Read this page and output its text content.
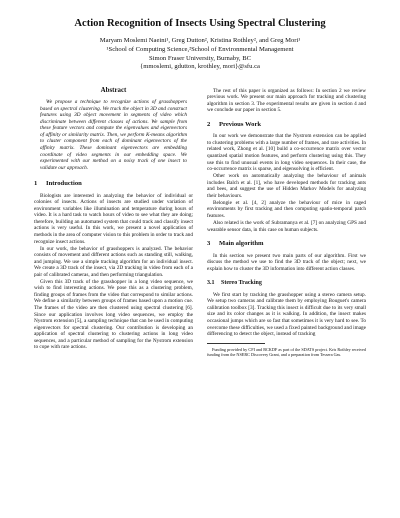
Action Recognition of Insects Using Spectral Clustering
Maryam Moslemi Naeini¹, Greg Dutton², Kristina Rothley², and Greg Mori¹
¹School of Computing Science,²School of Environmental Management
Simon Fraser University, Burnaby, BC
{mmoslemi, gdutton, krothley, mori}@sfu.ca
Abstract

We propose a technique to recognize actions of grasshoppers based on spectral clustering. We track the object in 3D and construct features using 3D object movement in segments of video which discriminate between different classes of actions. We sample from these feature vectors and compute the eigenvalues and eigenvectors of affinity or similarity matrix. Then, we perform K-means algorithm to cluster component from each of dominant eigenvectors of the affinity matrix. These dominant eigenvectors are embedding coordinate of video segments in our embedding space. We experimented with our method on a noisy track of one insect to validate our approach.

1 Introduction

Biologists are interested in analyzing the behavior of individual or colonies of insects. Actions of insects are studied under variation of environment variables like illumination and temperature during hours of video. It is a hard task to watch hours of video to see what they are doing; therefore, building an automated system that could track and classify insect actions is very useful. In this work, we present a novel application of methods in the area of computer vision to this problem in order to track and recognize insect actions.

In our work, the behavior of grasshoppers is analyzed. The behavior consists of movement and different actions such as standing still, walking, and jumping. We use a simple tracking algorithm for an individual insect. We create a 3D track of the insect, via 2D tracking in video from each of a pair of calibrated cameras, and then performing triangulation.

Given this 3D track of the grasshopper in a long video sequence, we wish to find interesting actions. We pose this as a clustering problem, finding groups of frames from the video that correspond to similar actions. We define a similarity between groups of frames based upon a motion cue. The frames of the video are then clustered using spectral clustering [6]. Since our application involves long video sequences, we employ the Nystrom extension [5], a sampling technique that can be used in computing eigenvectors for spectral clustering. Our contribution is developing an application of spectral clustering to clustering actions in long video sequences, and a particular method of sampling for the Nystrom extension to cope with rare actions.

The rest of this paper is organized as follows: In section 2 we review previous work. We present our main approach for tracking and clustering algorithm in section 3. The experimental results are given in section 4 and we conclude our paper in section 5.

2 Previous Work

In our work we demonstrate that the Nystrom extension can be applied to clustering problems with a large number of frames, and rare activities. In related work, Zhong et al. [10] build a co-occurrence matrix over vector quantized spatial motion features, and perform clustering using this. They use this to find unusual events in long video sequences. In their case, the co-occurrence matrix is sparse, and eigensolving is efficient.

Other work on automatically analyzing the behaviour of animals includes Balch et al. [1], who have developed methods for tracking ants and bees, and suggest the use of Hidden Markov Models for analyzing their behaviours.

Belongie et al. [4, 2] analyze the behaviour of mice in caged environments by first tracking and then computing spatio-temporal patch features.

Also related is the work of Subramanya et al. [7] on analyzing GPS and wearable sensor data, in this case on human subjects.

3 Main algorithm

In this section we present two main parts of our algorithm. First we discuss the method we use to find the 3D track of the object; next, we explain how to cluster the 3D information into different action classes.

3.1 Stereo Tracking

We first start by tracking the grasshopper using a stereo camera setup. We setup two cameras and calibrate them by employing Bouguet's camera calibration toolbox [3]. Tracking this insect is difficult due to its very small size and its color changes as it is walking. In addition, the insect makes occasional jumps which are so fast that sometimes it is very hard to see. To overcome these difficulties, we used a fixed painted background and image differencing to detect the object, instead of tracking

Funding provided by CFI and BCKDF as part of the SDATS project. Kris Rothley received funding from the NSERC Discovery Grant, and a preparation from Tessera Gas.
